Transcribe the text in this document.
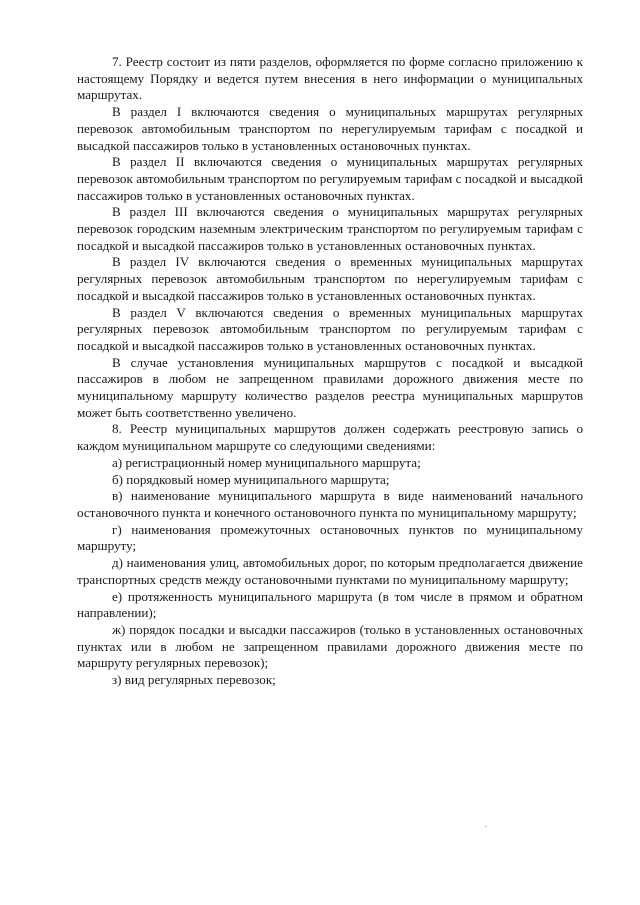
7. Реестр состоит из пяти разделов, оформляется по форме согласно приложению к настоящему Порядку и ведется путем внесения в него информации о муниципальных маршрутах.

В раздел I включаются сведения о муниципальных маршрутах регулярных перевозок автомобильным транспортом по нерегулируемым тарифам с посадкой и высадкой пассажиров только в установленных остановочных пунктах.

В раздел II включаются сведения о муниципальных маршрутах регулярных перевозок автомобильным транспортом по регулируемым тарифам с посадкой и высадкой пассажиров только в установленных остановочных пунктах.

В раздел III включаются сведения о муниципальных маршрутах регулярных перевозок городским наземным электрическим транспортом по регулируемым тарифам с посадкой и высадкой пассажиров только в установленных остановочных пунктах.

В раздел IV включаются сведения о временных муниципальных маршрутах регулярных перевозок автомобильным транспортом по нерегулируемым тарифам с посадкой и высадкой пассажиров только в установленных остановочных пунктах.

В раздел V включаются сведения о временных муниципальных маршрутах регулярных перевозок автомобильным транспортом по регулируемым тарифам с посадкой и высадкой пассажиров только в установленных остановочных пунктах.

В случае установления муниципальных маршрутов с посадкой и высадкой пассажиров в любом не запрещенном правилами дорожного движения месте по муниципальному маршруту количество разделов реестра муниципальных маршрутов может быть соответственно увеличено.

8. Реестр муниципальных маршрутов должен содержать реестровую запись о каждом муниципальном маршруте со следующими сведениями:

а) регистрационный номер муниципального маршрута;

б) порядковый номер муниципального маршрута;

в) наименование муниципального маршрута в виде наименований начального остановочного пункта и конечного остановочного пункта по муниципальному маршруту;

г) наименования промежуточных остановочных пунктов по муниципальному маршруту;

д) наименования улиц, автомобильных дорог, по которым предполагается движение транспортных средств между остановочными пунктами по муниципальному маршруту;

е) протяженность муниципального маршрута (в том числе в прямом и обратном направлении);

ж) порядок посадки и высадки пассажиров (только в установленных остановочных пунктах или в любом не запрещенном правилами дорожного движения месте по маршруту регулярных перевозок);

з) вид регулярных перевозок;
